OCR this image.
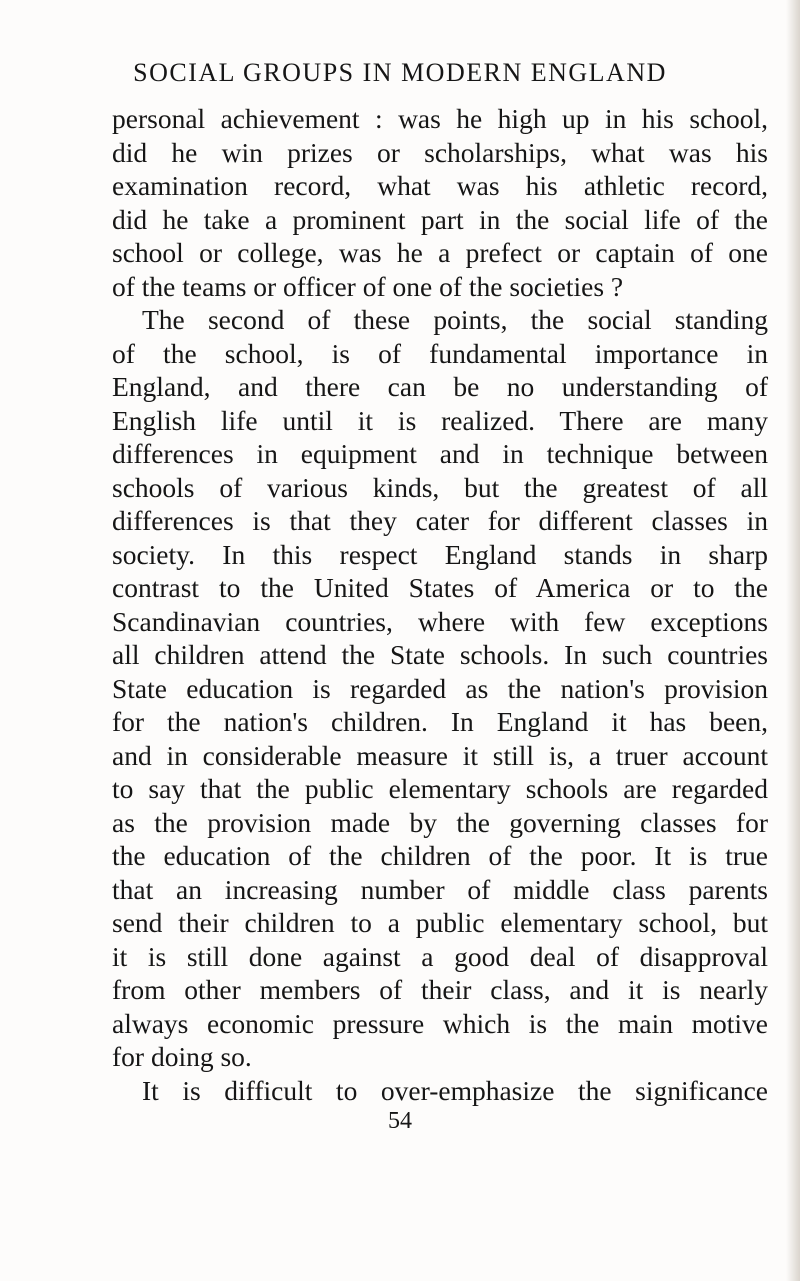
SOCIAL GROUPS IN MODERN ENGLAND
personal achievement : was he high up in his school,
did he win prizes or scholarships, what was his
examination record, what was his athletic record,
did he take a prominent part in the social life of the
school or college, was he a prefect or captain of one
of the teams or officer of one of the societies ?
The second of these points, the social standing
of the school, is of fundamental importance in
England, and there can be no understanding of
English life until it is realized. There are many
differences in equipment and in technique between
schools of various kinds, but the greatest of all
differences is that they cater for different classes in
society. In this respect England stands in sharp
contrast to the United States of America or to the
Scandinavian countries, where with few exceptions
all children attend the State schools. In such countries
State education is regarded as the nation's provision
for the nation's children. In England it has been,
and in considerable measure it still is, a truer account
to say that the public elementary schools are regarded
as the provision made by the governing classes for
the education of the children of the poor. It is true
that an increasing number of middle class parents
send their children to a public elementary school, but
it is still done against a good deal of disapproval
from other members of their class, and it is nearly
always economic pressure which is the main motive
for doing so.
It is difficult to over-emphasize the significance
54
